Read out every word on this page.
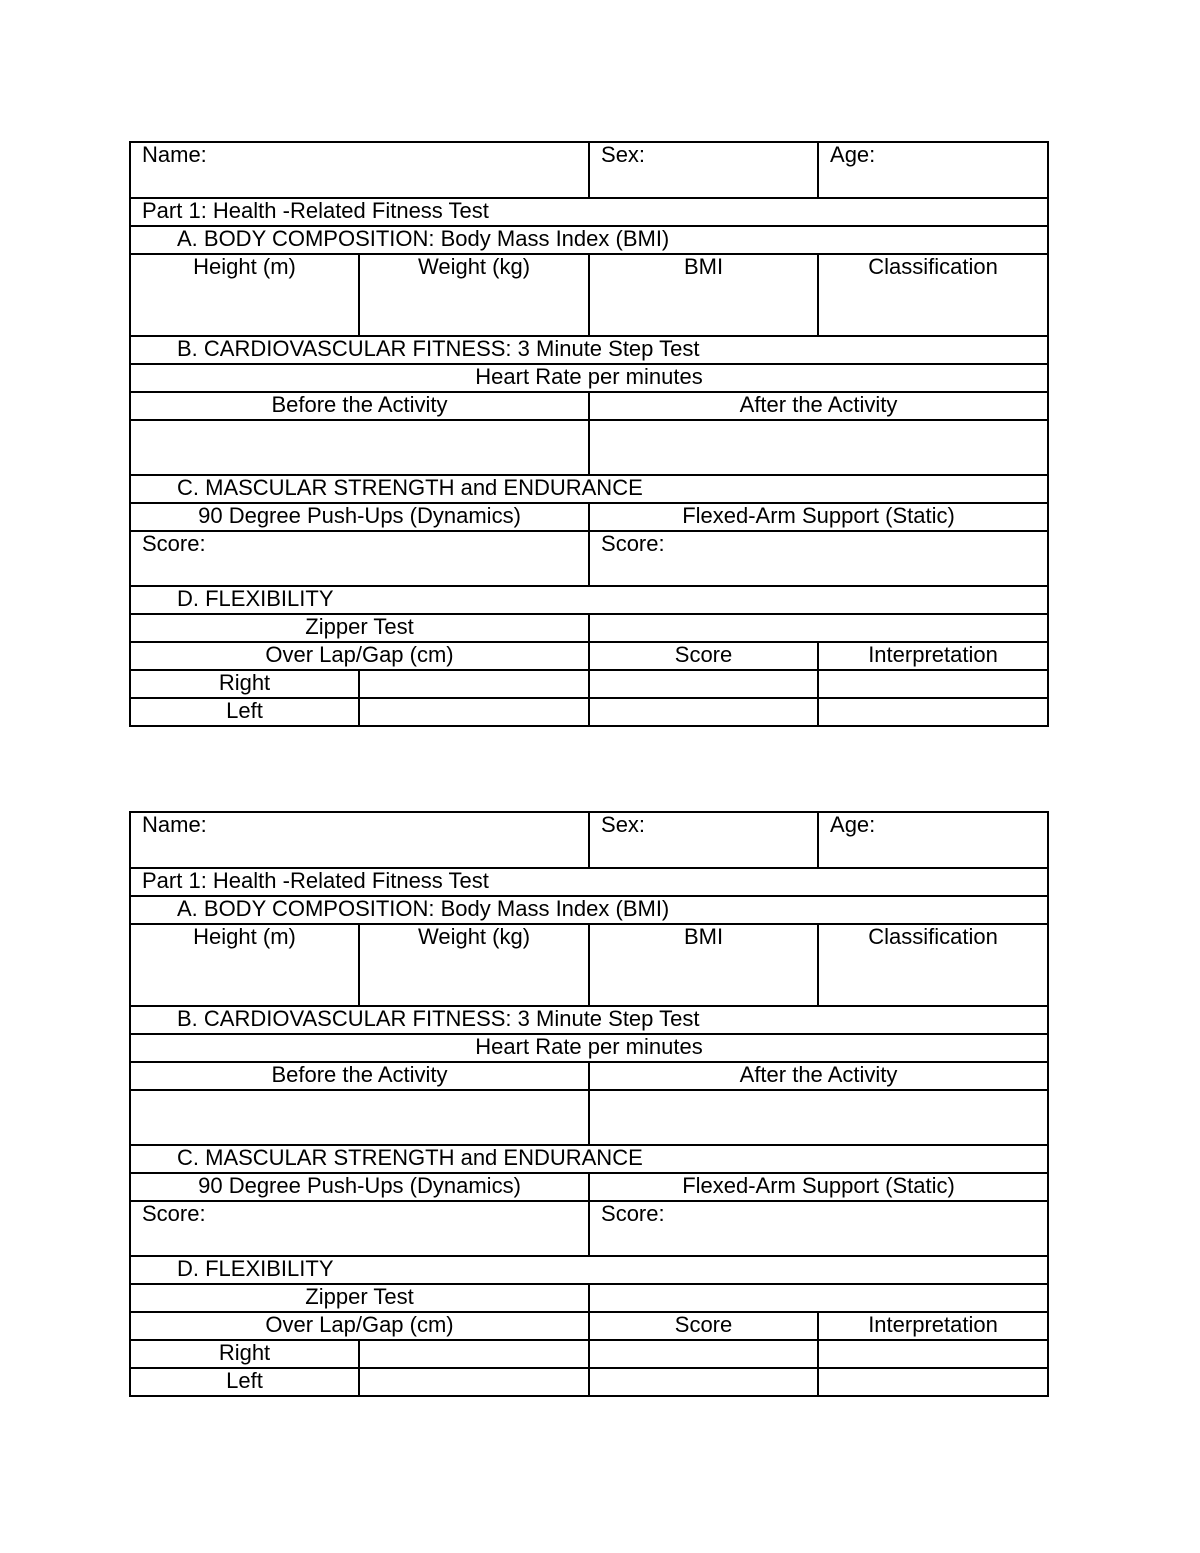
Name:		Sex:	Age:
Part 1: Health -Related Fitness Test			
A. BODY COMPOSITION: Body Mass Index (BMI)			
Height (m)	Weight (kg)	BMI	Classification
B. CARDIOVASCULAR FITNESS: 3 Minute Step Test			
Heart Rate per minutes			
Before the Activity		After the Activity	

C. MASCULAR STRENGTH and ENDURANCE			
90 Degree Push-Ups (Dynamics)		Flexed-Arm Support (Static)	
Score:		Score:	
D. FLEXIBILITY			
Zipper Test			
Over Lap/Gap (cm)		Score	Interpretation
Right			
Left			
Name:		Sex:	Age:
Part 1: Health -Related Fitness Test			
A. BODY COMPOSITION: Body Mass Index (BMI)			
Height (m)	Weight (kg)	BMI	Classification
B. CARDIOVASCULAR FITNESS: 3 Minute Step Test			
Heart Rate per minutes			
Before the Activity		After the Activity	

C. MASCULAR STRENGTH and ENDURANCE			
90 Degree Push-Ups (Dynamics)		Flexed-Arm Support (Static)	
Score:		Score:	
D. FLEXIBILITY			
Zipper Test			
Over Lap/Gap (cm)		Score	Interpretation
Right			
Left			
